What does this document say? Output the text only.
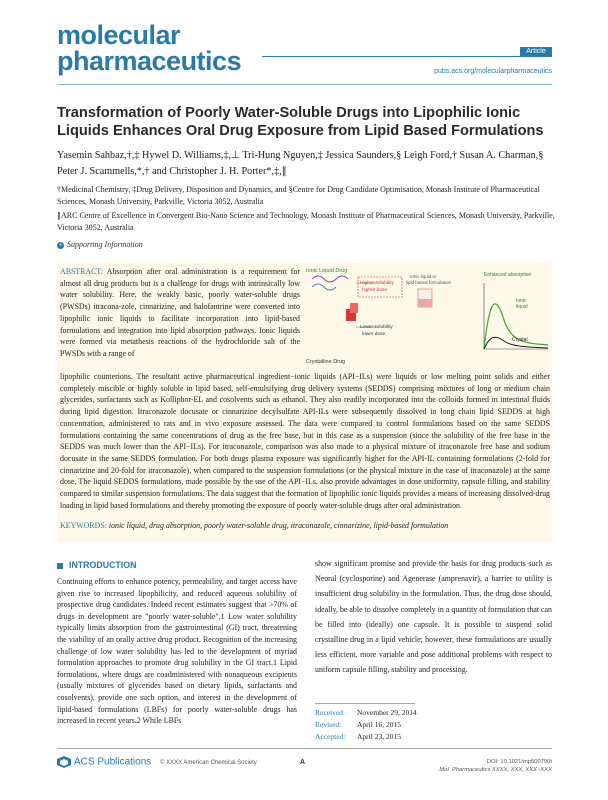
molecular
pharmaceutics	Article
pubs.acs.org/molecularpharmaceutics
Transformation of Poorly Water-Soluble Drugs into Lipophilic Ionic Liquids Enhances Oral Drug Exposure from Lipid Based Formulations
Yasemin Sahbaz,†,‡ Hywel D. Williams,‡,⊥ Tri-Hung Nguyen,‡ Jessica Saunders,§ Leigh Ford,† Susan A. Charman,§ Peter J. Scammells,*,† and Christopher J. H. Porter*,‡,∥
†Medicinal Chemistry, ‡Drug Delivery, Disposition and Dynamics, and §Centre for Drug Candidate Optimisation, Monash Institute of Pharmaceutical Sciences, Monash University, Parkville, Victoria 3052, Australia
∥ARC Centre of Excellence in Convergent Bio-Nano Science and Technology, Monash Institute of Pharmaceutical Sciences, Monash University, Parkville, Victoria 3052, Australia
s Supporting Information
ABSTRACT: Absorption after oral administration is a requirement for almost all drug products but is a challenge for drugs with intrinsically low water solubility. Here, the weakly basic, poorly water-soluble drugs (PWSDs) itracona-zole, cinnarizine, and halofantrine were converted into lipophilic ionic liquids to facilitate incorporation into lipid-based formulations and integration into lipid absorption pathways. Ionic liquids were formed via metathesis reactions of the hydrochloride salt of the PWSDs with a range of
lipophilic counterions. The resultant active pharmaceutical ingredient−ionic liquids (API−ILs) were liquids or low melting point solids and either completely miscible or highly soluble in lipid based, self-emulsifying drug delivery systems (SEDDS) comprising mixtures of long or medium chain glycerides, surfactants such as Kolliphor-EL and cosolvents such as ethanol. They also readily incorporated into the colloids formed in intestinal fluids during lipid digestion. Itraconazole docusate or cinnarizine decylsulfate API-ILs were subsequently dissolved in long chain lipid SEDDS at high concentration, administered to rats and in vivo exposure assessed. The data were compared to control formulations based on the same SEDDS formulations containing the same concentrations of drug as the free base, but in this case as a suspension (since the solubility of the free base in the SEDDS was much lower than the API−ILs). For itraconazole, comparison was also made to a physical mixture of itraconazole free base and sodium docusate in the same SEDDS formulation. For both drugs plasma exposure was significantly higher for the API-IL containing formulations (2-fold for cinnarizine and 20-fold for itraconazole), when compared to the suspension formulations (or the physical mixture in the case of itraconazole) at the same dose. The liquid SEDDS formulations, made possible by the use of the API−ILs, also provide advantages in dose uniformity, capsule filling, and stability compared to similar suspension formulations. The data suggest that the formation of lipophilic ionic liquids provides a means of increasing dissolved-drug loading in lipid based formulations and thereby promoting the exposure of poorly water-soluble drugs after oral administration.
KEYWORDS: ionic liquid, drug absorption, poorly water-soluble drug, itraconazole, cinnarizine, lipid-based formulation
Ionic Liquid Drug
Crystalline Drug
Higher solubility
higher dose
Lower solubility
lower dose
Ionic liquid in
lipid based formulation
Enhanced absorption
Ionic
liquid
Crystal
INTRODUCTION
Continuing efforts to enhance potency, permeability, and target access have given rise to increased lipophilicity, and reduced aqueous solubility of prospective drug candidates. Indeed recent estimates suggest that >70% of drugs in development are "poorly water-soluble".1 Low water solubility typically limits absorption from the gastrointestinal (GI) tract, threatening the viability of an orally active drug product. Recognition of the increasing challenge of low water solubility has led to the development of myriad formulation approaches to promote drug solubility in the GI tract.1 Lipid formulations, where drugs are coadministered with nonaqueous excipients (usually mixtures of glycerides based on dietary lipids, surfactants and cosolvents), provide one such option, and interest in the development of lipid-based formulations (LBFs) for poorly water-soluble drugs has increased in recent years.2 While LBFs
show significant promise and provide the basis for drug products such as Neoral (cyclosporine) and Agenerase (amprenavir), a barrier to utility is insufficient drug solubility in the formulation. Thus, the drug dose should, ideally, be able to dissolve completely in a quantity of formulation that can be filled into (ideally) one capsule. It is possible to suspend solid crystalline drug in a lipid vehicle; however, these formulations are usually less efficient, more variable and pose additional problems with respect to uniform capsule filling, stability and processing.
Received: November 29, 2014
Revised: April 16, 2015
Accepted: April 23, 2015
ACS Publications © XXXX American Chemical Society	A	DOI: 10.1021/mp500790t
Mol. Pharmaceutics XXXX, XXX, XXX−XXX
